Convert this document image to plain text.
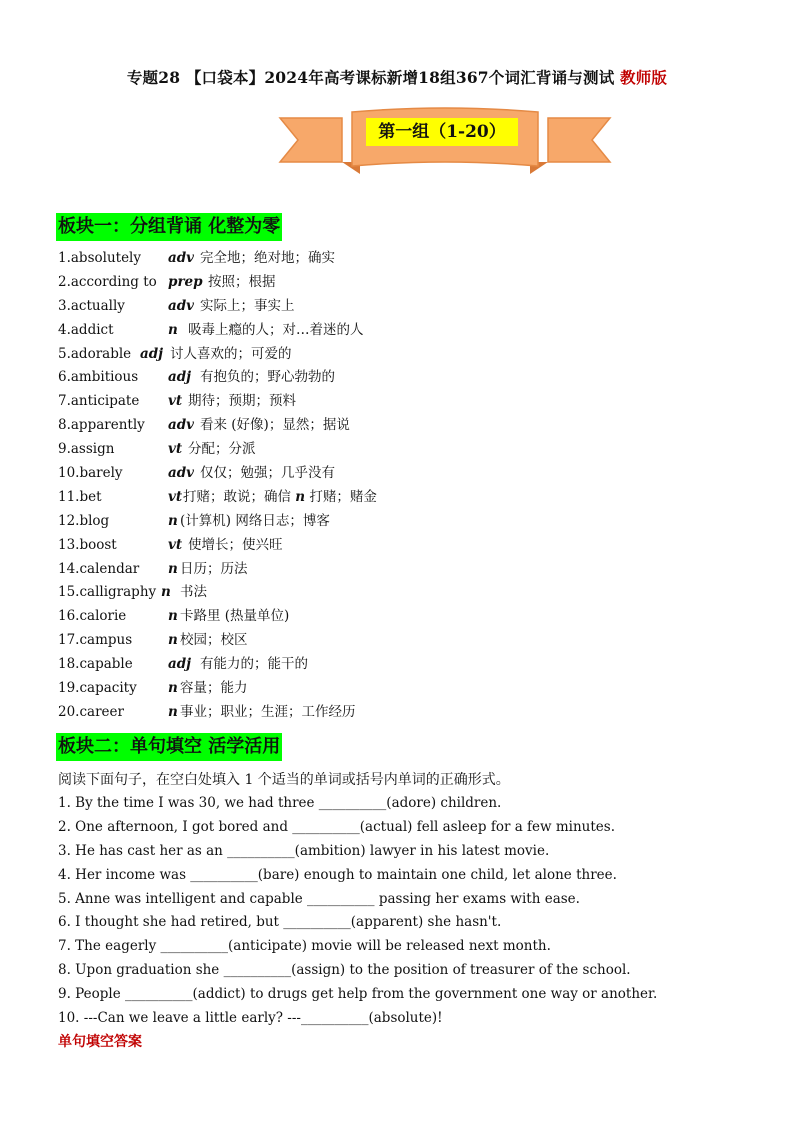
专题28 【口袋本】2024年高考课标新增18组367个词汇背诵与测试 教师版
第一组（1-20）
板块一：分组背诵 化整为零
1.absolutely adv 完全地；绝对地；确实
2.according to prep 按照；根据
3.actually	adv 实际上；事实上
4.addict	n 吸毒上瘾的人；对…着迷的人
5.adorable adj 讨人喜欢的；可爱的
6.ambitious adj 有抱负的；野心勃勃的
7.anticipate vt 期待；预期；预料
8.apparently adv 看来 (好像)；显然；据说
9.assign	vt 分配；分派
10.barely	adv 仅仅；勉强；几乎没有
11.bet	vt 打赌；敢说；确信 n 打赌；赌金
12.blog	n (计算机) 网络日志；博客
13.boost	vt 使增长；使兴旺
14.calendar n 日历；历法
15.calligraphy n 书法
16.calorie	n 卡路里 (热量单位)
17.campus	n 校园；校区
18.capable	adj 有能力的；能干的
19.capacity n 容量；能力
20.career	n 事业；职业；生涯；工作经历
板块二：单句填空 活学活用
阅读下面句子，在空白处填入 1 个适当的单词或括号内单词的正确形式。
1. By the time I was 30, we had three __________(adore) children.
2. One afternoon, I got bored and __________(actual) fell asleep for a few minutes.
3. He has cast her as an __________(ambition) lawyer in his latest movie.
4. Her income was __________(bare) enough to maintain one child, let alone three.
5. Anne was intelligent and capable __________ passing her exams with ease.
6. I thought she had retired, but __________(apparent) she hasn't.
7. The eagerly __________(anticipate) movie will be released next month.
8. Upon graduation she __________(assign) to the position of treasurer of the school.
9. People __________(addict) to drugs get help from the government one way or another.
10. ---Can we leave a little early? ---__________(absolute)!
单句填空答案
